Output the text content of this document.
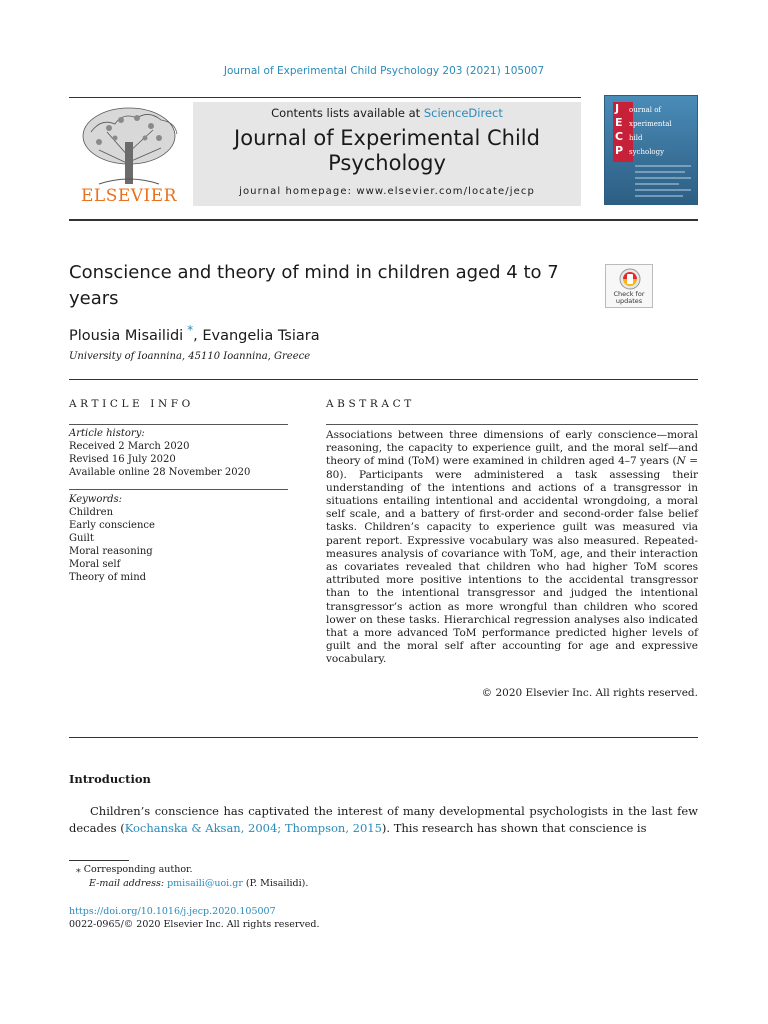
Journal of Experimental Child Psychology 203 (2021) 105007
ELSEVIER
Contents lists available at ScienceDirect
Journal of Experimental Child
Psychology
journal homepage: www.elsevier.com/locate/jecp
J
E
C
P
ournal of
xperimental
hild
sychology
Conscience and theory of mind in children aged 4 to 7 years	Check for
updates
Plousia Misailidi *, Evangelia Tsiara
University of Ioannina, 45110 Ioannina, Greece
ARTICLE INFO	ABSTRACT
Article history:
Received 2 March 2020
Revised 16 July 2020
Available online 28 November 2020
Keywords:
Children
Early conscience
Guilt
Moral reasoning
Moral self
Theory of mind
Associations between three dimensions of early conscience—moral reasoning, the capacity to experience guilt, and the moral self—and theory of mind (ToM) were examined in children aged 4–7 years (N = 80). Participants were administered a task assessing their understanding of the intentions and actions of a transgressor in situations entailing intentional and accidental wrongdoing, a moral self scale, and a battery of first-order and second-order false belief tasks. Children’s capacity to experience guilt was measured via parent report. Expressive vocabulary was also measured. Repeated-measures analysis of covariance with ToM, age, and their interaction as covariates revealed that children who had higher ToM scores attributed more positive intentions to the accidental transgressor than to the intentional transgressor and judged the intentional transgressor’s action as more wrongful than children who scored lower on these tasks. Hierarchical regression analyses also indicated that a more advanced ToM performance predicted higher levels of guilt and the moral self after accounting for age and expressive vocabulary.
© 2020 Elsevier Inc. All rights reserved.
Introduction

Children’s conscience has captivated the interest of many developmental psychologists in the last few decades (Kochanska & Aksan, 2004; Thompson, 2015). This research has shown that conscience is

⁎ Corresponding author.
E-mail address: pmisaili@uoi.gr (P. Misailidi).
https://doi.org/10.1016/j.jecp.2020.105007
0022-0965/© 2020 Elsevier Inc. All rights reserved.
